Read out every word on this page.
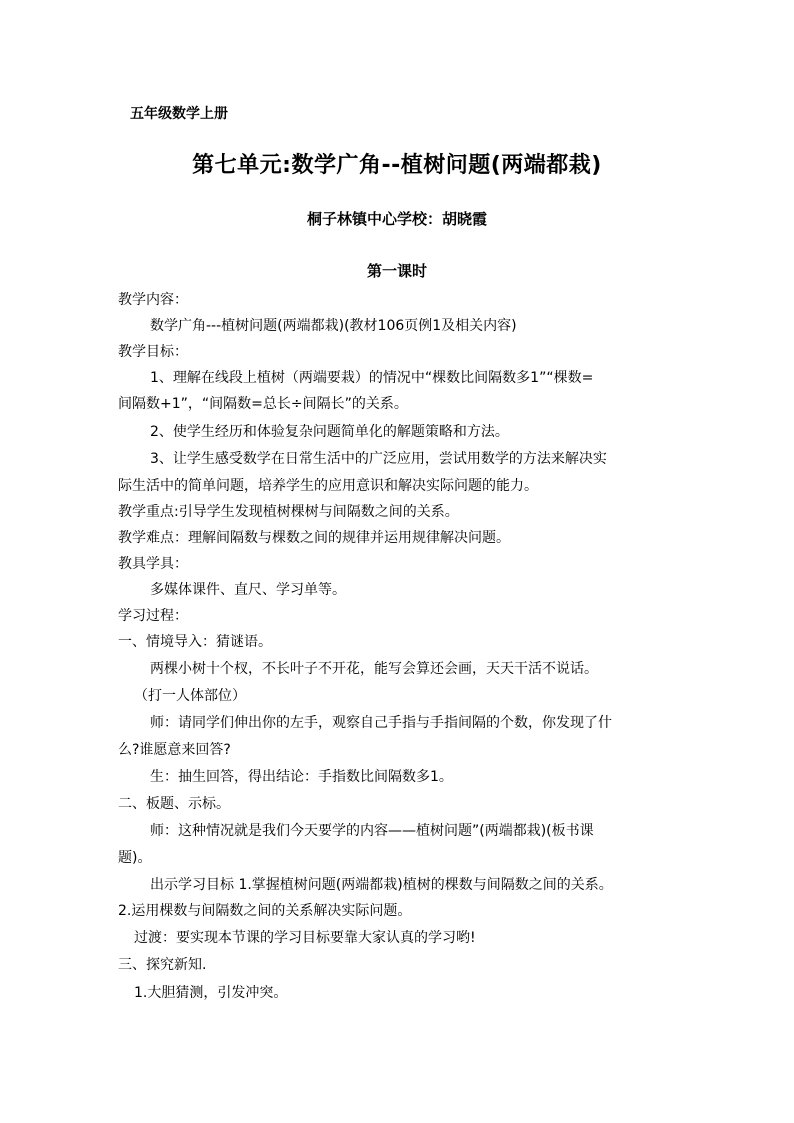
五年级数学上册
第七单元:数学广角--植树问题(两端都栽)
桐子林镇中心学校：胡晓霞
第一课时
教学内容：
数学广角---植树问题(两端都栽)(教材106页例1及相关内容)
教学目标：
1、理解在线段上植树（两端要栽）的情况中“棵数比间隔数多1”“棵数=
间隔数+1”，“间隔数=总长÷间隔长”的关系。
2、使学生经历和体验复杂问题简单化的解题策略和方法。
3、让学生感受数学在日常生活中的广泛应用，尝试用数学的方法来解决实
际生活中的简单问题，培养学生的应用意识和解决实际问题的能力。
教学重点:引导学生发现植树棵树与间隔数之间的关系。
教学难点：理解间隔数与棵数之间的规律并运用规律解决问题。
教具学具：
多媒体课件、直尺、学习单等。
学习过程：
一、情境导入：猜谜语。
两棵小树十个杈，不长叶子不开花，能写会算还会画，天天干活不说话。
（打一人体部位）
师：请同学们伸出你的左手，观察自己手指与手指间隔的个数，你发现了什
么?谁愿意来回答?
生：抽生回答，得出结论：手指数比间隔数多1。
二、板题、示标。
师：这种情况就是我们今天要学的内容——植树问题”(两端都栽)(板书课
题)。
出示学习目标 1.掌握植树问题(两端都栽)植树的棵数与间隔数之间的关系。
2.运用棵数与间隔数之间的关系解决实际问题。
过渡：要实现本节课的学习目标要靠大家认真的学习哟!
三、探究新知.
1.大胆猜测，引发冲突。
